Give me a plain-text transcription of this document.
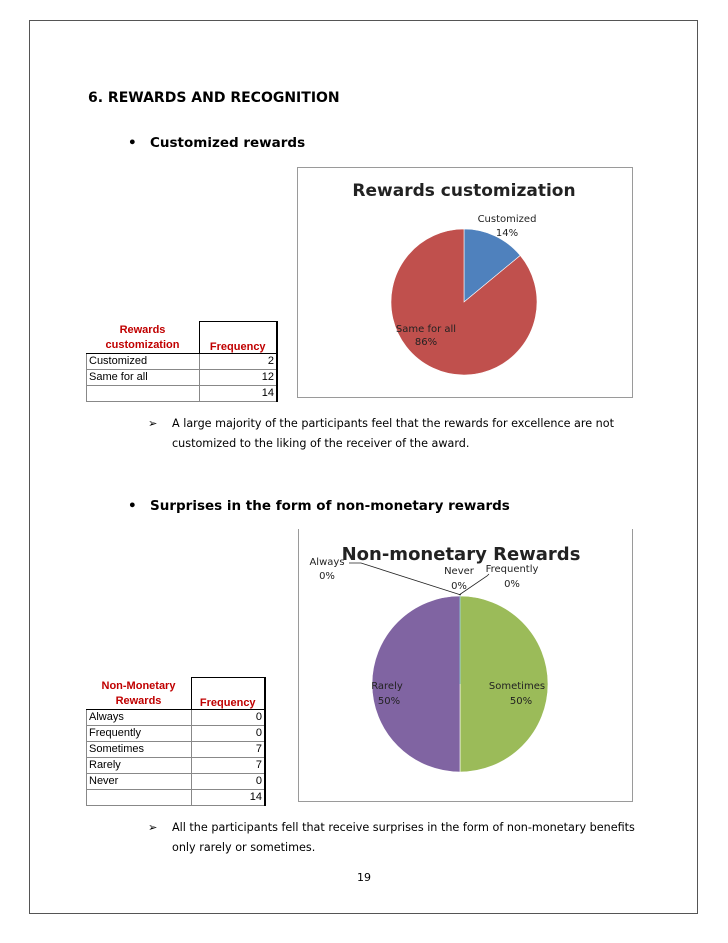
6. REWARDS AND RECOGNITION
• Customized rewards
Rewards customization
Customized
14%
Same for all
86%
Rewards
customization	Frequency
Customized	2
Same for all	12
	14
➢	A large majority of the participants feel that the rewards for excellence are not customized to the liking of the receiver of the award.
• Surprises in the form of non-monetary rewards
Non-monetary Rewards
Always
0%	Never
0%
Frequently
0%
Sometimes
50%
Rarely
50%
Non-Monetary
Rewards	Frequency
Always	0
Frequently	0
Sometimes	7
Rarely	7
Never	0
	14
➢	All the participants fell that receive surprises in the form of non-monetary benefits only rarely or sometimes.
19
